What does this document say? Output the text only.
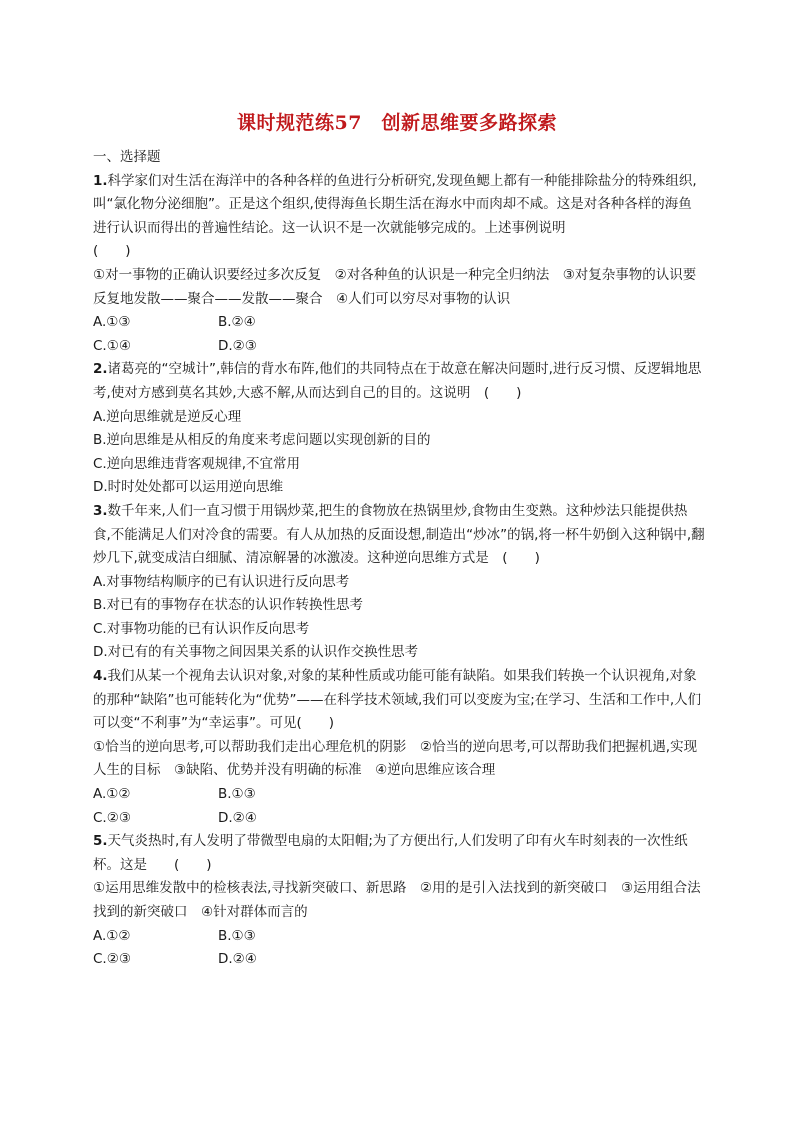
课时规范练57　创新思维要多路探索

一、选择题

1.科学家们对生活在海洋中的各种各样的鱼进行分析研究,发现鱼鳃上都有一种能排除盐分的特殊组织,叫“氯化物分泌细胞”。正是这个组织,使得海鱼长期生活在海水中而肉却不咸。这是对各种各样的海鱼进行认识而得出的普遍性结论。这一认识不是一次就能够完成的。上述事例说明
(　　)

①对一事物的正确认识要经过多次反复　②对各种鱼的认识是一种完全归纳法　③对复杂事物的认识要反复地发散——聚合——发散——聚合　④人们可以穷尽对事物的认识

A.①③	B.②④
C.①④	D.②③

2.诸葛亮的“空城计”,韩信的背水布阵,他们的共同特点在于故意在解决问题时,进行反习惯、反逻辑地思考,使对方感到莫名其妙,大惑不解,从而达到自己的目的。这说明　(　　)

A.逆向思维就是逆反心理

B.逆向思维是从相反的角度来考虑问题以实现创新的目的

C.逆向思维违背客观规律,不宜常用

D.时时处处都可以运用逆向思维

3.数千年来,人们一直习惯于用锅炒菜,把生的食物放在热锅里炒,食物由生变熟。这种炒法只能提供热食,不能满足人们对冷食的需要。有人从加热的反面设想,制造出“炒冰”的锅,将一杯牛奶倒入这种锅中,翻炒几下,就变成洁白细腻、清凉解暑的冰激凌。这种逆向思维方式是　(　　)

A.对事物结构顺序的已有认识进行反向思考

B.对已有的事物存在状态的认识作转换性思考

C.对事物功能的已有认识作反向思考

D.对已有的有关事物之间因果关系的认识作交换性思考

4.我们从某一个视角去认识对象,对象的某种性质或功能可能有缺陷。如果我们转换一个认识视角,对象的那种“缺陷”也可能转化为“优势”——在科学技术领域,我们可以变废为宝;在学习、生活和工作中,人们可以变“不利事”为“幸运事”。可见(　　)

①恰当的逆向思考,可以帮助我们走出心理危机的阴影　②恰当的逆向思考,可以帮助我们把握机遇,实现人生的目标　③缺陷、优势并没有明确的标准　④逆向思维应该合理

A.①②	B.①③
C.②③	D.②④

5.天气炎热时,有人发明了带微型电扇的太阳帽;为了方便出行,人们发明了印有火车时刻表的一次性纸杯。这是　　(　　)

①运用思维发散中的检核表法,寻找新突破口、新思路　②用的是引入法找到的新突破口　③运用组合法找到的新突破口　④针对群体而言的

A.①②	B.①③
C.②③	D.②④
